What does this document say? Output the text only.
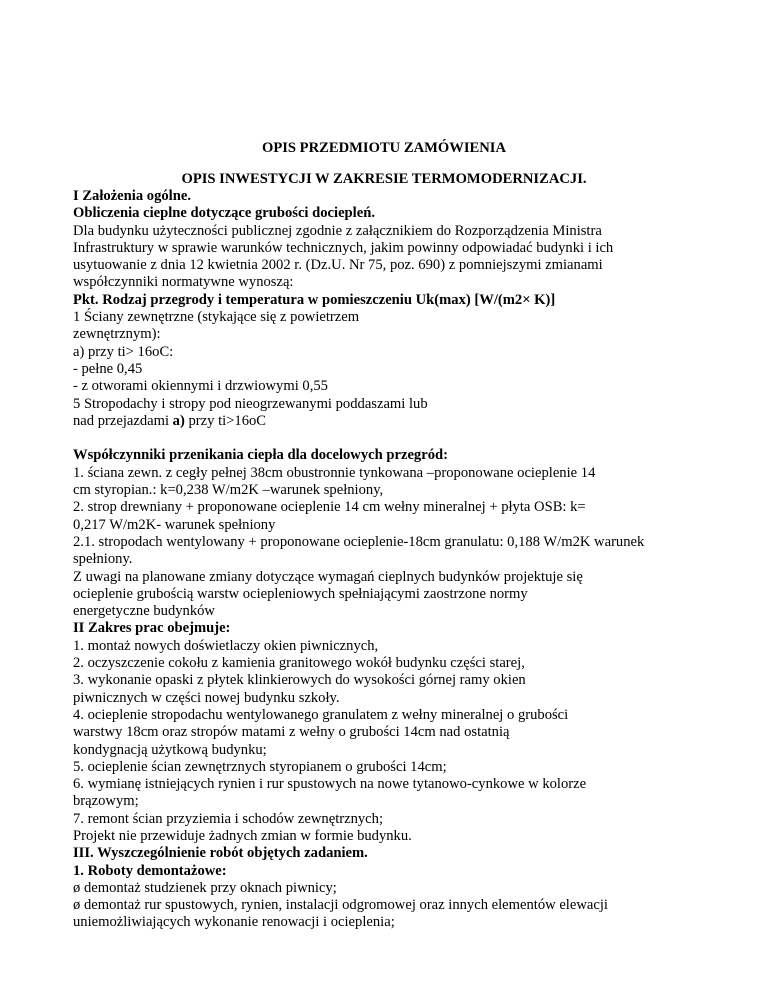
OPIS PRZEDMIOTU ZAMÓWIENIA
OPIS INWESTYCJI W ZAKRESIE TERMOMODERNIZACJI.
I Założenia ogólne.
Obliczenia cieplne dotyczące grubości dociepleń.
Dla budynku użyteczności publicznej zgodnie z załącznikiem do Rozporządzenia Ministra
Infrastruktury w sprawie warunków technicznych, jakim powinny odpowiadać budynki i ich
usytuowanie z dnia 12 kwietnia 2002 r. (Dz.U. Nr 75, poz. 690) z pomniejszymi zmianami
współczynniki normatywne wynoszą:
Pkt. Rodzaj przegrody i temperatura w pomieszczeniu Uk(max) [W/(m2× K)]
1 Ściany zewnętrzne (stykające się z powietrzem
zewnętrznym):
a) przy ti> 16oC:
- pełne 0,45
- z otworami okiennymi i drzwiowymi 0,55
5 Stropodachy i stropy pod nieogrzewanymi poddaszami lub
nad przejazdami a) przy ti>16oC
Współczynniki przenikania ciepła dla docelowych przegród:
1. ściana zewn. z cegły pełnej 38cm obustronnie tynkowana –proponowane ocieplenie 14
cm styropian.: k=0,238 W/m2K –warunek spełniony,
2. strop drewniany + proponowane ocieplenie 14 cm wełny mineralnej + płyta OSB: k=
0,217 W/m2K- warunek spełniony
2.1. stropodach wentylowany + proponowane ocieplenie-18cm granulatu: 0,188 W/m2K warunek
spełniony.
Z uwagi na planowane zmiany dotyczące wymagań cieplnych budynków projektuje się
ocieplenie grubością warstw ociepleniowych spełniającymi zaostrzone normy
energetyczne budynków
II Zakres prac obejmuje:
1. montaż nowych doświetlaczy okien piwnicznych,
2. oczyszczenie cokołu z kamienia granitowego wokół budynku części starej,
3. wykonanie opaski z płytek klinkierowych do wysokości górnej ramy okien
piwnicznych w części nowej budynku szkoły.
4. ocieplenie stropodachu wentylowanego granulatem z wełny mineralnej o grubości
warstwy 18cm oraz stropów matami z wełny o grubości 14cm nad ostatnią
kondygnacją użytkową budynku;
5. ocieplenie ścian zewnętrznych styropianem o grubości 14cm;
6. wymianę istniejących rynien i rur spustowych na nowe tytanowo-cynkowe w kolorze
brązowym;
7. remont ścian przyziemia i schodów zewnętrznych;
Projekt nie przewiduje żadnych zmian w formie budynku.
III. Wyszczególnienie robót objętych zadaniem.
1. Roboty demontażowe:
ø demontaż studzienek przy oknach piwnicy;
ø demontaż rur spustowych, rynien, instalacji odgromowej oraz innych elementów elewacji
uniemożliwiających wykonanie renowacji i ocieplenia;
